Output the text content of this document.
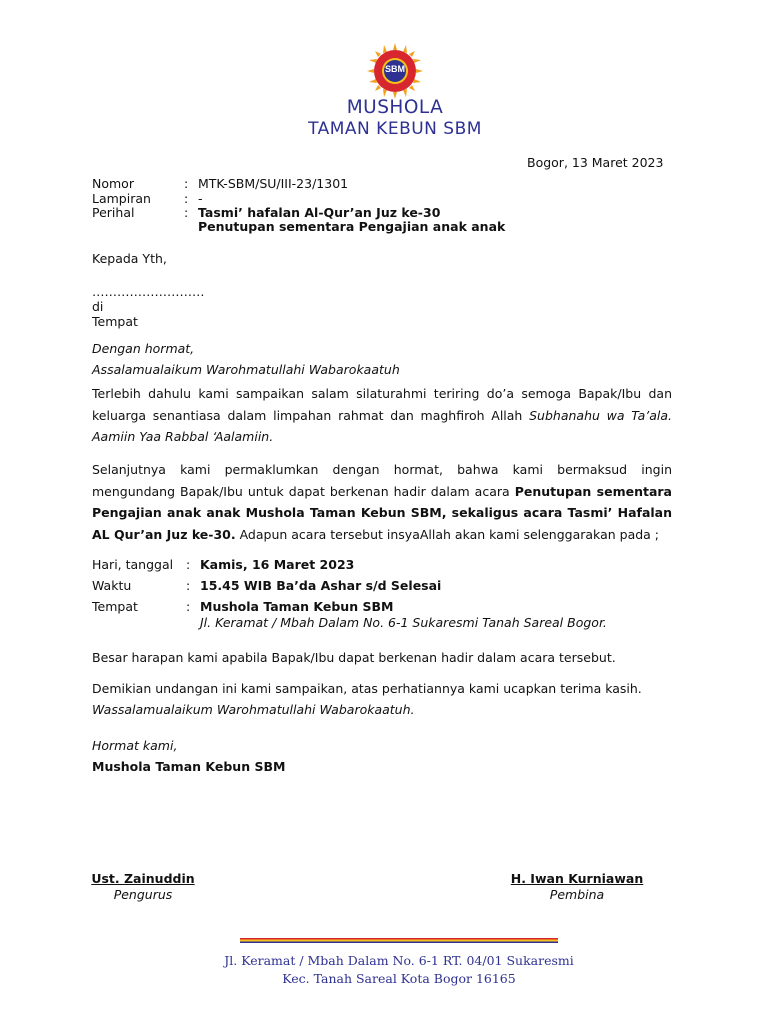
SBM
MUSHOLA
TAMAN KEBUN SBM
Bogor, 13 Maret 2023
Nomor	: MTK-SBM/SU/III-23/1301
Lampiran	: -
Perihal	: Tasmi’ hafalan Al-Qur’an Juz ke-30
Penutupan sementara Pengajian anak anak
Kepada Yth,
………………………
di
Tempat
Dengan hormat,
Assalamualaikum Warohmatullahi Wabarokaatuh
Terlebih dahulu kami sampaikan salam silaturahmi teriring do’a semoga Bapak/Ibu dan keluarga senantiasa dalam limpahan rahmat dan maghfiroh Allah Subhanahu wa Ta’ala. Aamiin Yaa Rabbal ‘Aalamiin.
Selanjutnya kami permaklumkan dengan hormat, bahwa kami bermaksud ingin mengundang Bapak/Ibu untuk dapat berkenan hadir dalam acara Penutupan sementara Pengajian anak anak Mushola Taman Kebun SBM, sekaligus acara Tasmi’ Hafalan AL Qur’an Juz ke-30. Adapun acara tersebut insyaAllah akan kami selenggarakan pada ;
Hari, tanggal : Kamis, 16 Maret 2023
Waktu	: 15.45 WIB Ba’da Ashar s/d Selesai
Tempat	: Mushola Taman Kebun SBM
Jl. Keramat / Mbah Dalam No. 6-1 Sukaresmi Tanah Sareal Bogor.
Besar harapan kami apabila Bapak/Ibu dapat berkenan hadir dalam acara tersebut.
Demikian undangan ini kami sampaikan, atas perhatiannya kami ucapkan terima kasih.
Wassalamualaikum Warohmatullahi Wabarokaatuh.
Hormat kami,
Mushola Taman Kebun SBM
Ust. Zainuddin
Pengurus
H. Iwan Kurniawan
Pembina
Jl. Keramat / Mbah Dalam No. 6-1 RT. 04/01 Sukaresmi
Kec. Tanah Sareal Kota Bogor 16165
